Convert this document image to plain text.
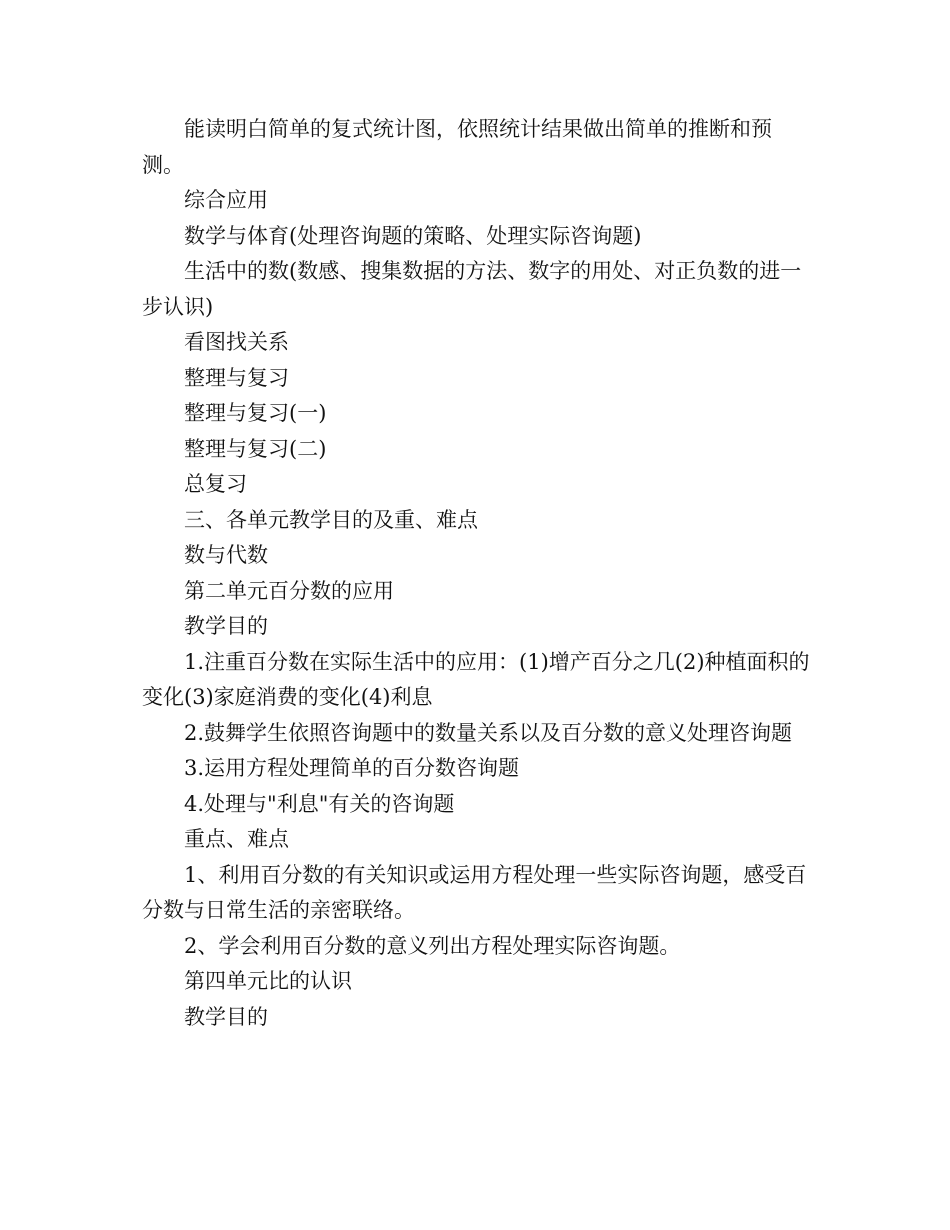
能读明白简单的复式统计图，依照统计结果做出简单的推断和预测。

综合应用

数学与体育(处理咨询题的策略、处理实际咨询题)

生活中的数(数感、搜集数据的方法、数字的用处、对正负数的进一步认识)

看图找关系

整理与复习

整理与复习(一)

整理与复习(二)

总复习

三、各单元教学目的及重、难点

数与代数

第二单元百分数的应用

教学目的

1.注重百分数在实际生活中的应用：(1)增产百分之几(2)种植面积的变化(3)家庭消费的变化(4)利息

2.鼓舞学生依照咨询题中的数量关系以及百分数的意义处理咨询题

3.运用方程处理简单的百分数咨询题

4.处理与"利息"有关的咨询题

重点、难点

1、利用百分数的有关知识或运用方程处理一些实际咨询题，感受百分数与日常生活的亲密联络。

2、学会利用百分数的意义列出方程处理实际咨询题。

第四单元比的认识

教学目的
